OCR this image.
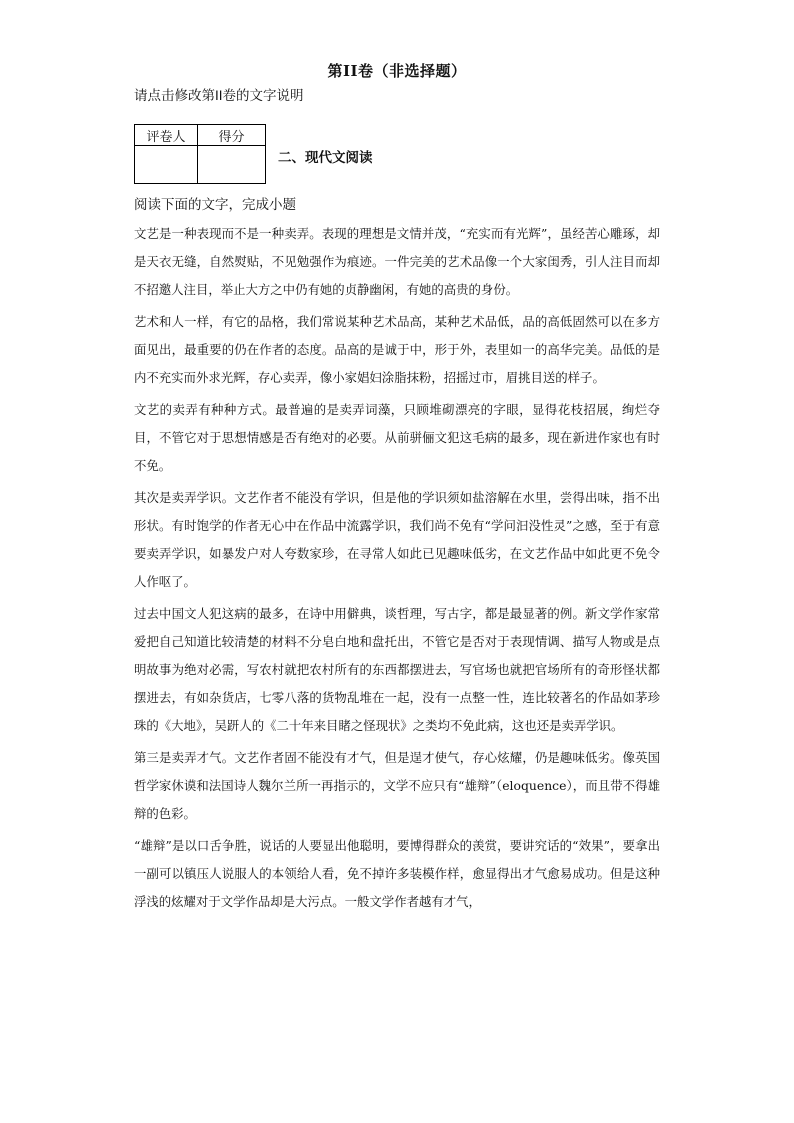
第II卷（非选择题）
请点击修改第II卷的文字说明
评卷人	得分

二、现代文阅读
阅读下面的文字，完成小题

文艺是一种表现而不是一种卖弄。表现的理想是文情并茂，“充实而有光辉”，虽经苦心雕琢，却是天衣无缝，自然熨贴，不见勉强作为痕迹。一件完美的艺术品像一个大家闺秀，引人注目而却不招邀人注目，举止大方之中仍有她的贞静幽闲，有她的高贵的身份。

艺术和人一样，有它的品格，我们常说某种艺术品高，某种艺术品低，品的高低固然可以在多方面见出，最重要的仍在作者的态度。品高的是诚于中，形于外，表里如一的高华完美。品低的是内不充实而外求光辉，存心卖弄，像小家娼妇涂脂抹粉，招摇过市，眉挑目送的样子。

文艺的卖弄有种种方式。最普遍的是卖弄词藻，只顾堆砌漂亮的字眼，显得花枝招展，绚烂夺目，不管它对于思想情感是否有绝对的必要。从前骈俪文犯这毛病的最多，现在新进作家也有时不免。

其次是卖弄学识。文艺作者不能没有学识，但是他的学识须如盐溶解在水里，尝得出味，指不出形状。有时饱学的作者无心中在作品中流露学识，我们尚不免有“学问汩没性灵”之感，至于有意要卖弄学识，如暴发户对人夸数家珍，在寻常人如此已见趣味低劣，在文艺作品中如此更不免令人作呕了。

过去中国文人犯这病的最多，在诗中用僻典，谈哲理，写古字，都是最显著的例。新文学作家常爱把自己知道比较清楚的材料不分皂白地和盘托出，不管它是否对于表现情调、描写人物或是点明故事为绝对必需，写农村就把农村所有的东西都摆进去，写官场也就把官场所有的奇形怪状都摆进去，有如杂货店，七零八落的货物乱堆在一起，没有一点整一性，连比较著名的作品如茅珍珠的《大地》，吴趼人的《二十年来目睹之怪现状》之类均不免此病，这也还是卖弄学识。

第三是卖弄才气。文艺作者固不能没有才气，但是逞才使气，存心炫耀，仍是趣味低劣。像英国哲学家休谟和法国诗人魏尔兰所一再指示的，文学不应只有“雄辩”（eloquence），而且带不得雄辩的色彩。

“雄辩”是以口舌争胜，说话的人要显出他聪明，要博得群众的羡赏，要讲究话的“效果”，要拿出一副可以镇压人说服人的本领给人看，免不掉许多装模作样，愈显得出才气愈易成功。但是这种浮浅的炫耀对于文学作品却是大污点。一般文学作者越有才气，
